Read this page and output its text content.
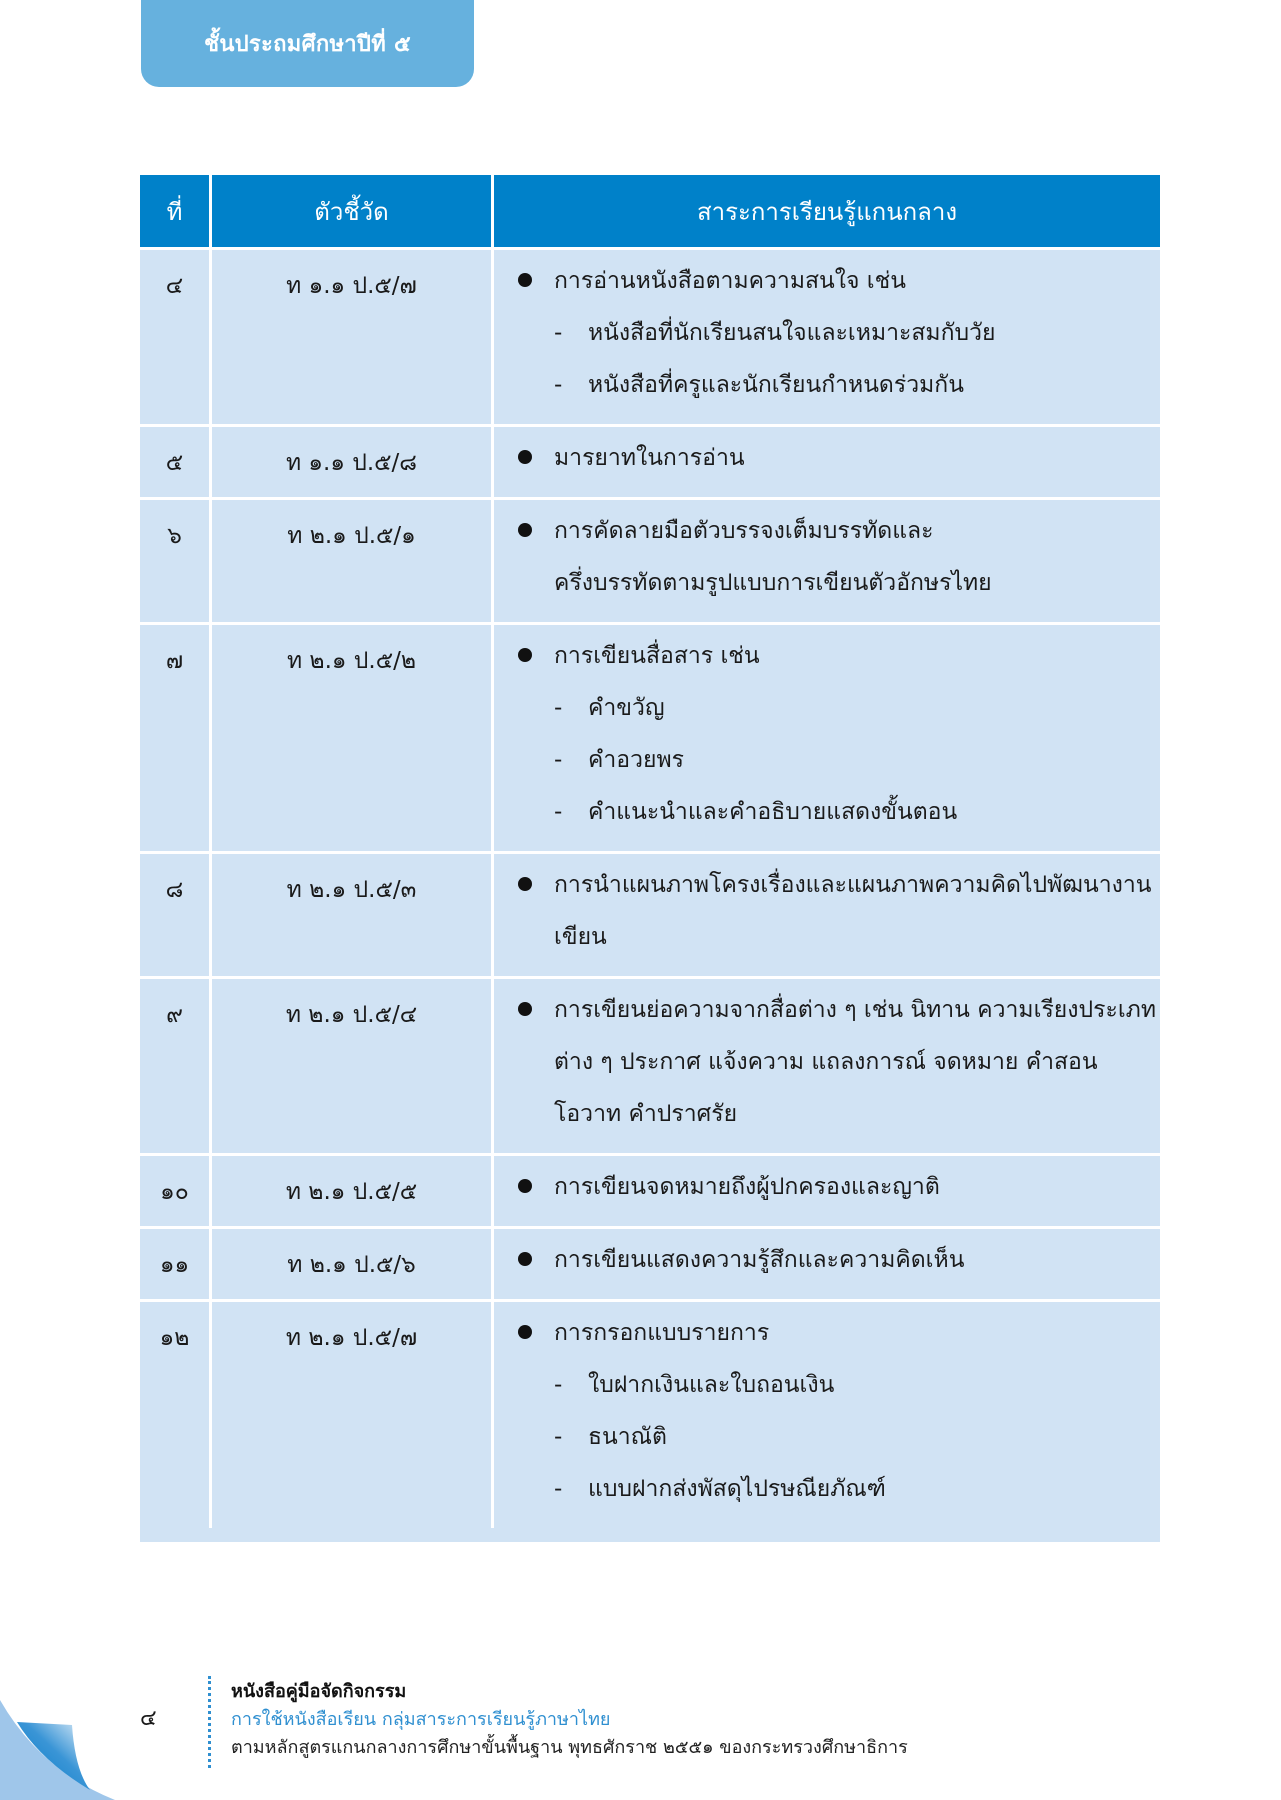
ชั้นประถมศึกษาปีที่ ๕
ที่	ตัวชี้วัด	สาระการเรียนรู้แกนกลาง
๔	ท ๑.๑ ป.๕/๗	การอ่านหนังสือตามความสนใจ เช่น
- หนังสือที่นักเรียนสนใจและเหมาะสมกับวัย
- หนังสือที่ครูและนักเรียนกำหนดร่วมกัน
๕	ท ๑.๑ ป.๕/๘	มารยาทในการอ่าน
๖	ท ๒.๑ ป.๕/๑	การคัดลายมือตัวบรรจงเต็มบรรทัดและ
ครึ่งบรรทัดตามรูปแบบการเขียนตัวอักษรไทย
๗	ท ๒.๑ ป.๕/๒	การเขียนสื่อสาร เช่น
- คำขวัญ
- คำอวยพร
- คำแนะนำและคำอธิบายแสดงขั้นตอน
๘	ท ๒.๑ ป.๕/๓	การนำแผนภาพโครงเรื่องและแผนภาพความคิดไปพัฒนางาน
เขียน
๙	ท ๒.๑ ป.๕/๔	การเขียนย่อความจากสื่อต่าง ๆ เช่น นิทาน ความเรียงประเภท
ต่าง ๆ ประกาศ แจ้งความ แถลงการณ์ จดหมาย คำสอน
โอวาท คำปราศรัย
๑๐	ท ๒.๑ ป.๕/๕	การเขียนจดหมายถึงผู้ปกครองและญาติ
๑๑	ท ๒.๑ ป.๕/๖	การเขียนแสดงความรู้สึกและความคิดเห็น
๑๒	ท ๒.๑ ป.๕/๗	การกรอกแบบรายการ
- ใบฝากเงินและใบถอนเงิน
- ธนาณัติ
- แบบฝากส่งพัสดุไปรษณียภัณฑ์
๔
หนังสือคู่มือจัดกิจกรรม
การใช้หนังสือเรียน กลุ่มสาระการเรียนรู้ภาษาไทย
ตามหลักสูตรแกนกลางการศึกษาขั้นพื้นฐาน พุทธศักราช ๒๕๕๑ ของกระทรวงศึกษาธิการ
